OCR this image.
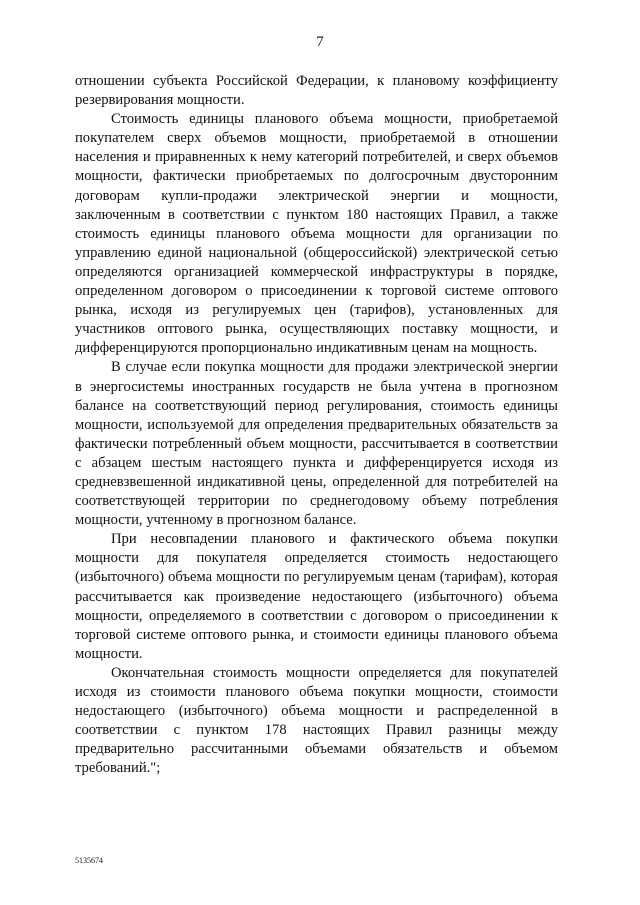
7

отношении субъекта Российской Федерации, к плановому коэффициенту резервирования мощности.

Стоимость единицы планового объема мощности, приобретаемой покупателем сверх объемов мощности, приобретаемой в отношении населения и приравненных к нему категорий потребителей, и сверх объемов мощности, фактически приобретаемых по долгосрочным двусторонним договорам купли-продажи электрической энергии и мощности, заключенным в соответствии с пунктом 180 настоящих Правил, а также стоимость единицы планового объема мощности для организации по управлению единой национальной (общероссийской) электрической сетью определяются организацией коммерческой инфраструктуры в порядке, определенном договором о присоединении к торговой системе оптового рынка, исходя из регулируемых цен (тарифов), установленных для участников оптового рынка, осуществляющих поставку мощности, и дифференцируются пропорционально индикативным ценам на мощность.

В случае если покупка мощности для продажи электрической энергии в энергосистемы иностранных государств не была учтена в прогнозном балансе на соответствующий период регулирования, стоимость единицы мощности, используемой для определения предварительных обязательств за фактически потребленный объем мощности, рассчитывается в соответствии с абзацем шестым настоящего пункта и дифференцируется исходя из средневзвешенной индикативной цены, определенной для потребителей на соответствующей территории по среднегодовому объему потребления мощности, учтенному в прогнозном балансе.

При несовпадении планового и фактического объема покупки мощности для покупателя определяется стоимость недостающего (избыточного) объема мощности по регулируемым ценам (тарифам), которая рассчитывается как произведение недостающего (избыточного) объема мощности, определяемого в соответствии с договором о присоединении к торговой системе оптового рынка, и стоимости единицы планового объема мощности.

Окончательная стоимость мощности определяется для покупателей исходя из стоимости планового объема покупки мощности, стоимости недостающего (избыточного) объема мощности и распределенной в соответствии с пунктом 178 настоящих Правил разницы между предварительно рассчитанными объемами обязательств и объемом требований.";

5135674
